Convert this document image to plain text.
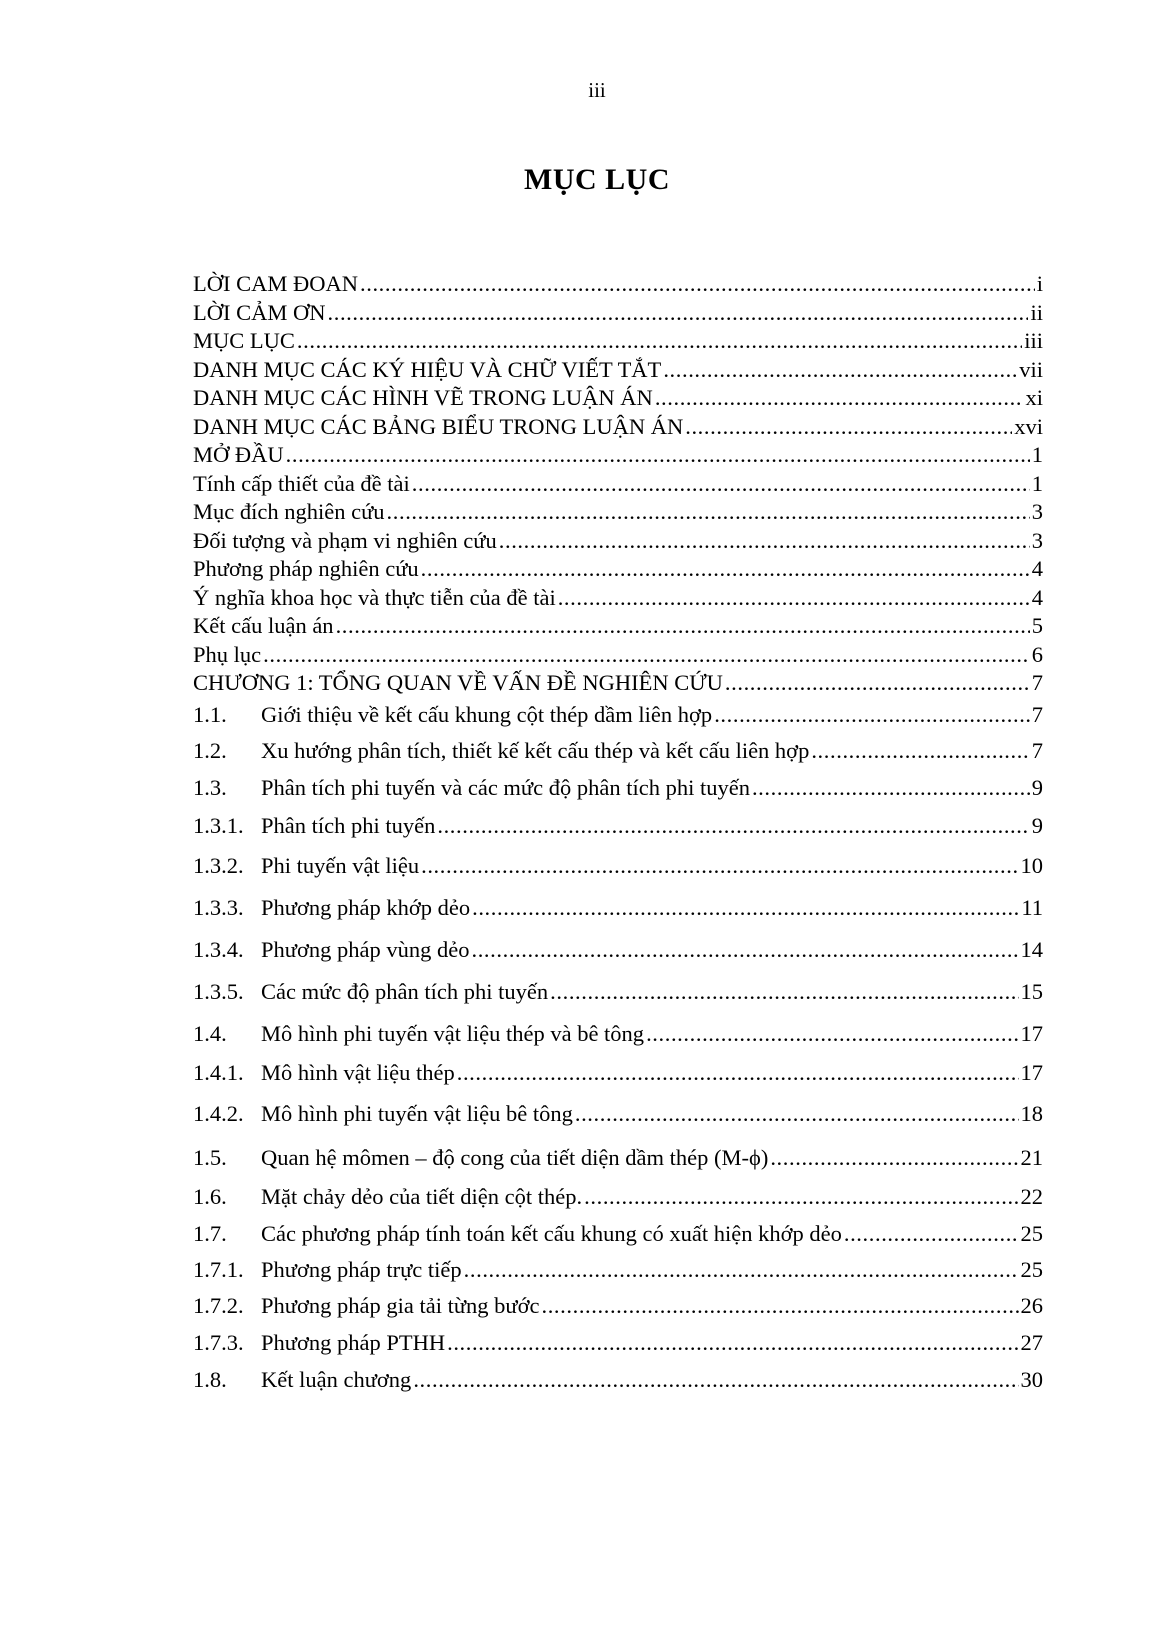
iii
MỤC LỤC
LỜI CAM ĐOAN .....	i
LỜI CẢM ƠN .....	ii
MỤC LỤC .....	iii
DANH MỤC CÁC KÝ HIỆU VÀ CHỮ VIẾT TẮT .....	vii
DANH MỤC CÁC HÌNH VẼ TRONG LUẬN ÁN .....	xi
DANH MỤC CÁC BẢNG BIỂU TRONG LUẬN ÁN .....	xvi
MỞ ĐẦU .....	1
Tính cấp thiết của đề tài .....	1
Mục đích nghiên cứu .....	3
Đối tượng và phạm vi nghiên cứu .....	3
Phương pháp nghiên cứu .....	4
Ý nghĩa khoa học và thực tiễn của đề tài .....	4
Kết cấu luận án .....	5
Phụ lục .....	6
CHƯƠNG 1: TỔNG QUAN VỀ VẤN ĐỀ NGHIÊN CỨU .....	7
1.1.	Giới thiệu về kết cấu khung cột thép dầm liên hợp .....	7
1.2.	Xu hướng phân tích, thiết kế kết cấu thép và kết cấu liên hợp .....	7
1.3.	Phân tích phi tuyến và các mức độ phân tích phi tuyến .....	9
1.3.1. Phân tích phi tuyến .....	9
1.3.2. Phi tuyến vật liệu .....	10
1.3.3. Phương pháp khớp dẻo .....	11
1.3.4. Phương pháp vùng dẻo .....	14
1.3.5. Các mức độ phân tích phi tuyến .....	15
1.4.	Mô hình phi tuyến vật liệu thép và bê tông .....	17
1.4.1. Mô hình vật liệu thép .....	17
1.4.2. Mô hình phi tuyến vật liệu bê tông .....	18
1.5.	Quan hệ mômen – độ cong của tiết diện dầm thép (M-ϕ) .....	21
1.6.	Mặt chảy dẻo của tiết diện cột thép. .....	22
1.7.	Các phương pháp tính toán kết cấu khung có xuất hiện khớp dẻo .....	25
1.7.1. Phương pháp trực tiếp .....	25
1.7.2. Phương pháp gia tải từng bước .....	26
1.7.3. Phương pháp PTHH .....	27
1.8.	Kết luận chương .....	30
